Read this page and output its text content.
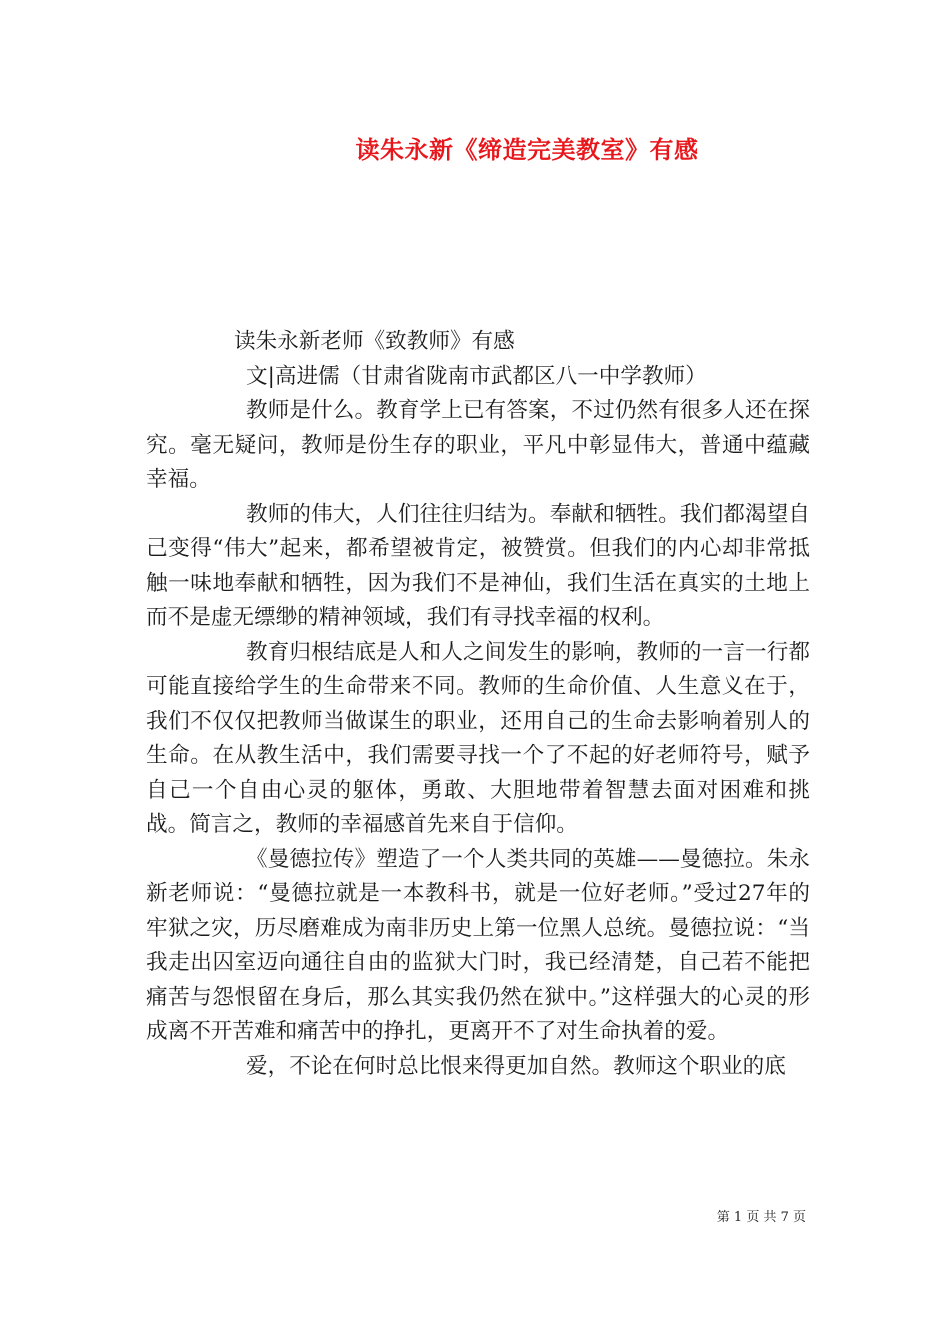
读朱永新《缔造完美教室》有感

读朱永新老师《致教师》有感

文|高进儒（甘肃省陇南市武都区八一中学教师）

教师是什么。教育学上已有答案，不过仍然有很多人还在探究。毫无疑问，教师是份生存的职业，平凡中彰显伟大，普通中蕴藏幸福。

教师的伟大，人们往往归结为。奉献和牺牲。我们都渴望自己变得“伟大”起来，都希望被肯定，被赞赏。但我们的内心却非常抵触一味地奉献和牺牲，因为我们不是神仙，我们生活在真实的土地上而不是虚无缥缈的精神领域，我们有寻找幸福的权利。

教育归根结底是人和人之间发生的影响，教师的一言一行都可能直接给学生的生命带来不同。教师的生命价值、人生意义在于，我们不仅仅把教师当做谋生的职业，还用自己的生命去影响着别人的生命。在从教生活中，我们需要寻找一个了不起的好老师符号，赋予自己一个自由心灵的躯体，勇敢、大胆地带着智慧去面对困难和挑战。简言之，教师的幸福感首先来自于信仰。

《曼德拉传》塑造了一个人类共同的英雄——曼德拉。朱永新老师说：“曼德拉就是一本教科书，就是一位好老师。”受过27年的牢狱之灾，历尽磨难成为南非历史上第一位黑人总统。曼德拉说：“当我走出囚室迈向通往自由的监狱大门时，我已经清楚，自己若不能把痛苦与怨恨留在身后，那么其实我仍然在狱中。”这样强大的心灵的形成离不开苦难和痛苦中的挣扎，更离开不了对生命执着的爱。

爱，不论在何时总比恨来得更加自然。教师这个职业的底

第 1 页 共 7 页
